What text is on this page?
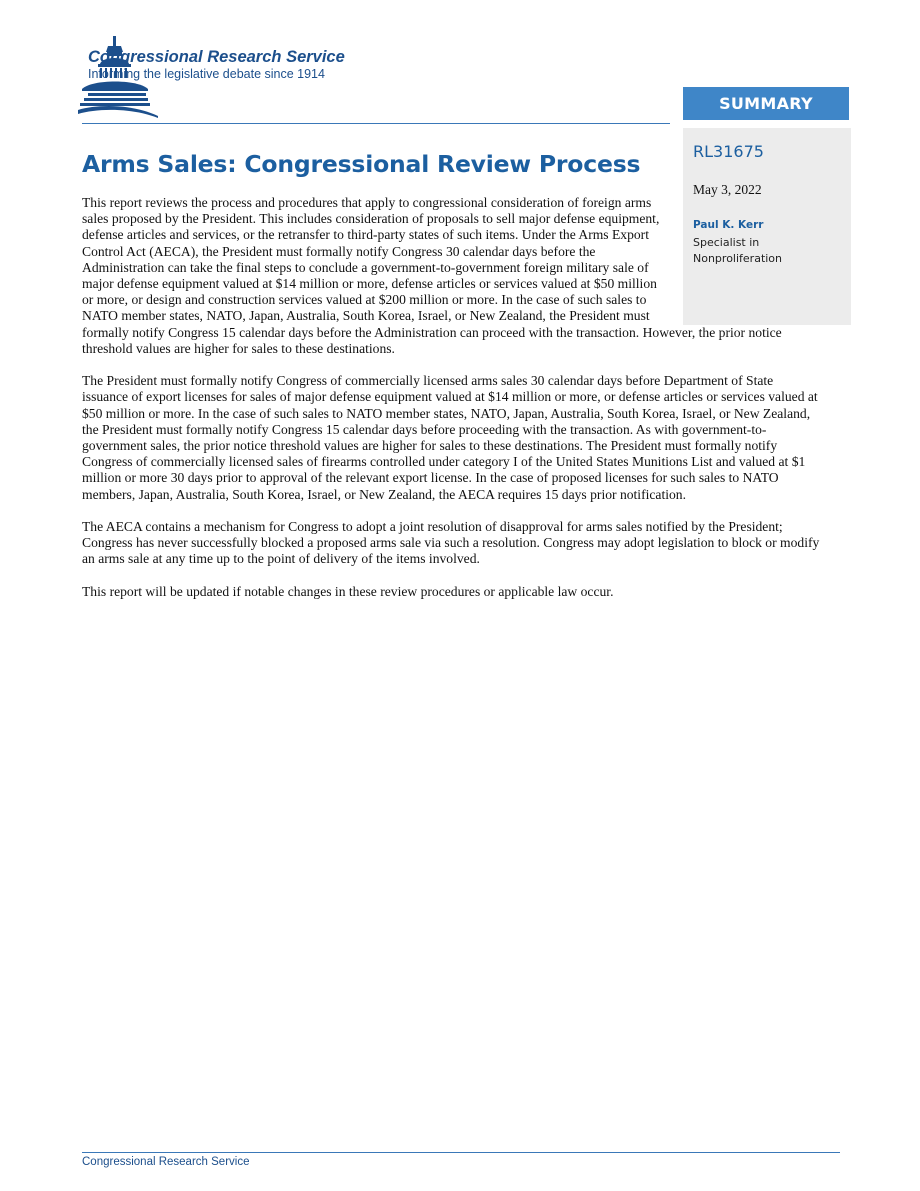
Congressional Research Service
Informing the legislative debate since 1914
SUMMARY
RL31675
May 3, 2022
Paul K. Kerr
Specialist in Nonproliferation
Arms Sales: Congressional Review Process

This report reviews the process and procedures that apply to congressional consideration of foreign arms sales proposed by the President. This includes consideration of proposals to sell major defense equipment, defense articles and services, or the retransfer to third-party states of such items. Under the Arms Export Control Act (AECA), the President must formally notify Congress 30 calendar days before the Administration can take the final steps to conclude a government-to-government foreign military sale of major defense equipment valued at $14 million or more, defense articles or services valued at $50 million or more, or design and construction services valued at $200 million or more. In the case of such sales to NATO member states, NATO, Japan, Australia, South Korea, Israel, or New Zealand, the President must formally notify Congress 15 calendar days before the Administration can proceed with the transaction. However, the prior notice threshold values are higher for sales to these destinations.

The President must formally notify Congress of commercially licensed arms sales 30 calendar days before Department of State issuance of export licenses for sales of major defense equipment valued at $14 million or more, or defense articles or services valued at $50 million or more. In the case of such sales to NATO member states, NATO, Japan, Australia, South Korea, Israel, or New Zealand, the President must formally notify Congress 15 calendar days before proceeding with the transaction. As with government-to-government sales, the prior notice threshold values are higher for sales to these destinations. The President must formally notify Congress of commercially licensed sales of firearms controlled under category I of the United States Munitions List and valued at $1 million or more 30 days prior to approval of the relevant export license. In the case of proposed licenses for such sales to NATO members, Japan, Australia, South Korea, Israel, or New Zealand, the AECA requires 15 days prior notification.

The AECA contains a mechanism for Congress to adopt a joint resolution of disapproval for arms sales notified by the President; Congress has never successfully blocked a proposed arms sale via such a resolution. Congress may adopt legislation to block or modify an arms sale at any time up to the point of delivery of the items involved.

This report will be updated if notable changes in these review procedures or applicable law occur.

Congressional Research Service
